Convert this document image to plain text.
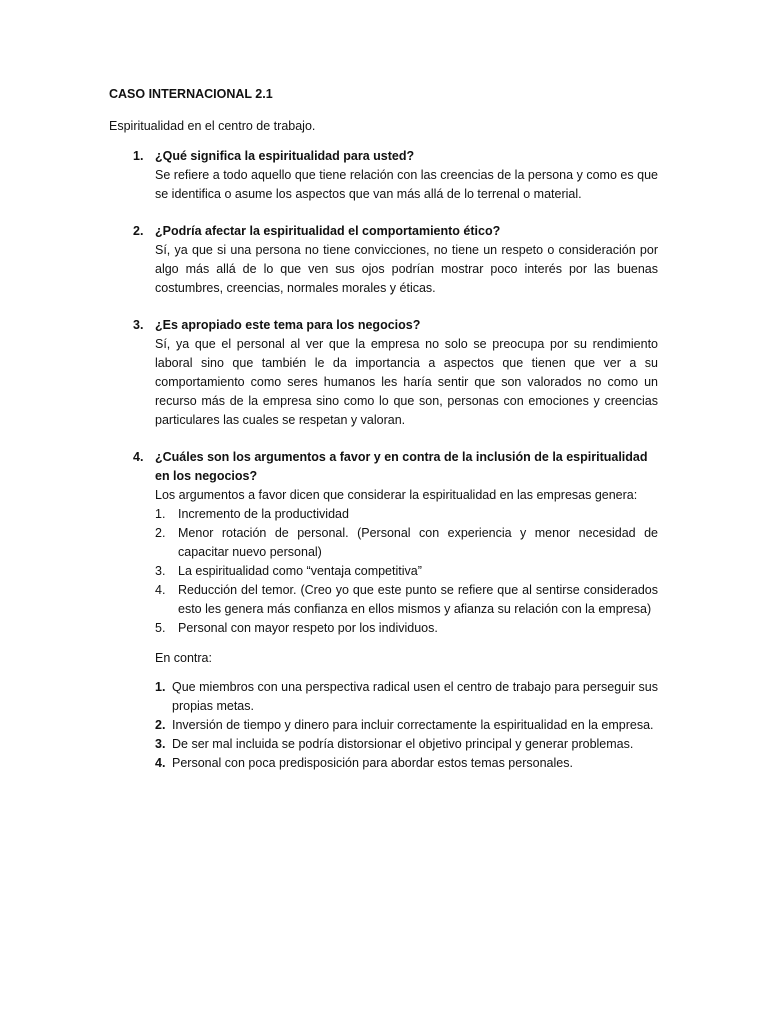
CASO INTERNACIONAL 2.1
Espiritualidad en el centro de trabajo.
1. ¿Qué significa la espiritualidad para usted?
Se refiere a todo aquello que tiene relación con las creencias de la persona y como es que se identifica o asume los aspectos que van más allá de lo terrenal o material.
2. ¿Podría afectar la espiritualidad el comportamiento ético?
Sí, ya que si una persona no tiene convicciones, no tiene un respeto o consideración por algo más allá de lo que ven sus ojos podrían mostrar poco interés por las buenas costumbres, creencias, normales morales y éticas.
3. ¿Es apropiado este tema para los negocios?
Sí, ya que el personal al ver que la empresa no solo se preocupa por su rendimiento laboral sino que también le da importancia a aspectos que tienen que ver a su comportamiento como seres humanos les haría sentir que son valorados no como un recurso más de la empresa sino como lo que son, personas con emociones y creencias particulares las cuales se respetan y valoran.
4. ¿Cuáles son los argumentos a favor y en contra de la inclusión de la espiritualidad en los negocios?
Los argumentos a favor dicen que considerar la espiritualidad en las empresas genera:
1. Incremento de la productividad
2. Menor rotación de personal. (Personal con experiencia y menor necesidad de capacitar nuevo personal)
3. La espiritualidad como “ventaja competitiva”
4. Reducción del temor. (Creo yo que este punto se refiere que al sentirse considerados esto les genera más confianza en ellos mismos y afianza su relación con la empresa)
5. Personal con mayor respeto por los individuos.
En contra:
1. Que miembros con una perspectiva radical usen el centro de trabajo para perseguir sus propias metas.
2. Inversión de tiempo y dinero para incluir correctamente la espiritualidad en la empresa.
3. De ser mal incluida se podría distorsionar el objetivo principal y generar problemas.
4. Personal con poca predisposición para abordar estos temas personales.
